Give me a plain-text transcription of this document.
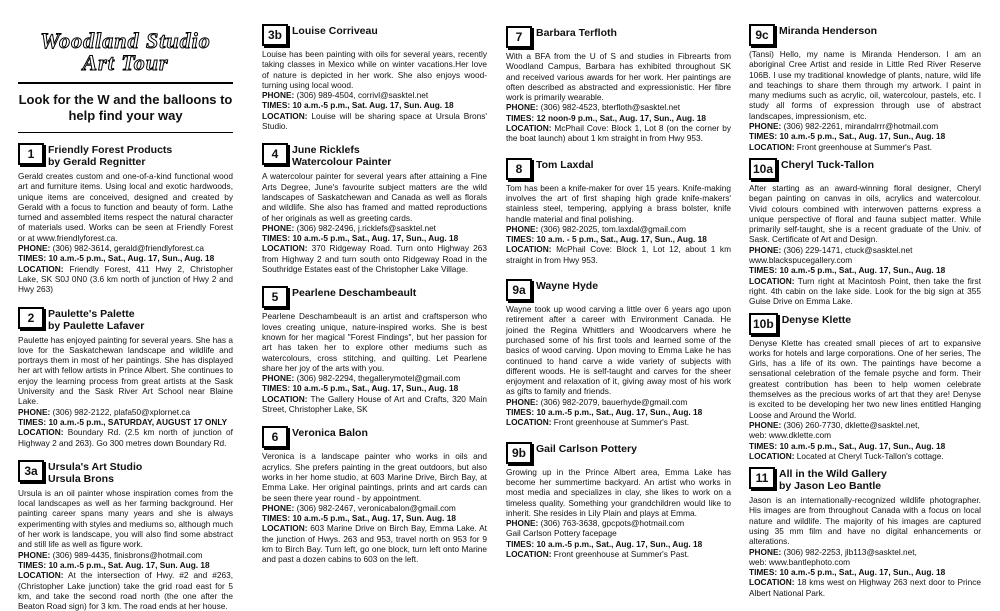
Woodland Studio
Art Tour
Look for the W and the balloons to help find your way
1	Friendly Forest Products
by Gerald Regnitter
Gerald creates custom and one-of-a-kind functional wood art and furniture items. Using local and exotic hardwoods, unique items are conceived, designed and created by Gerald with a focus to function and beauty of form. Lathe turned and assembled items respect the natural character of materials used. Works can be seen at Friendly Forest or at www.friendlyforest.ca.
PHONE: (306) 982-3614, gerald@friendlyforest.ca
TIMES: 10 a.m.-5 p.m., Sat., Aug. 17, Sun., Aug. 18
LOCATION: Friendly Forest, 411 Hwy 2, Christopher Lake, SK S0J 0N0 (3.6 km north of junction of Hwy 2 and Hwy 263)
2	Paulette's Palette
by Paulette Lafaver
Paulette has enjoyed painting for several years. She has a love for the Saskatchewan landscape and wildlife and portrays them in most of her paintings. She has displayed her art with fellow artists in Prince Albert. She continues to enjoy the learning process from great artists at the Sask University and the Sask River Art School near Blaine Lake.
PHONE: (306) 982-2122, plafa50@xplornet.ca
TIMES: 10 a.m.-5 p.m., SATURDAY, AUGUST 17 ONLY
LOCATION: Boundary Rd. (2.5 km north of junction of Highway 2 and 263). Go 300 metres down Boundary Rd.
3a Ursula's Art Studio
Ursula Brons
Ursula is an oil painter whose inspiration comes from the local landscapes as well as her farming background. Her painting career spans many years and she is always experimenting with styles and mediums so, although much of her work is landscape, you will also find some abstract and still life as well as figure work.
PHONE: (306) 989-4435, finisbrons@hotmail.com
TIMES: 10 a.m.-5 p.m., Sat. Aug. 17, Sun. Aug. 18
LOCATION: At the intersection of Hwy. #2 and #263, (Christopher Lake junction) take the grid road east for 5 km, and take the second road north (the one after the Beaton Road sign) for 3 km. The road ends at her house.
3b Louise Corriveau
Louise has been painting with oils for several years, recently taking classes in Mexico while on winter vacations.Her love of nature is depicted in her work. She also enjoys wood-turning using local wood.
PHONE: (306) 989-4504, corrivl@sasktel.net
TIMES: 10 a.m.-5 p.m., Sat. Aug. 17, Sun. Aug. 18
LOCATION: Louise will be sharing space at Ursula Brons' Studio.
4	June Ricklefs
Watercolour Painter
A watercolour painter for several years after attaining a Fine Arts Degree, June's favourite subject matters are the wild landscapes of Saskatchewan and Canada as well as florals and wildlife. She also has framed and matted reproductions of her originals as well as greeting cards.
PHONE: (306) 982-2496, j.ricklefs@sasktel.net
TIMES: 10 a.m.-5 p.m., Sat., Aug. 17, Sun., Aug. 18
LOCATION: 370 Ridgeway Road. Turn onto Highway 263 from Highway 2 and turn south onto Ridgeway Road in the Southridge Estates east of the Christopher Lake Village.
5	Pearlene Deschambeault
Pearlene Deschambeault is an artist and craftsperson who loves creating unique, nature-inspired works. She is best known for her magical "Forest Findings", but her passion for art has taken her to explore other mediums such as watercolours, cross stitching, and quilting. Let Pearlene share her joy of the arts with you.
PHONE: (306) 982-2294, thegallerymotel@gmail.com
TIMES: 10 a.m.-5 p.m., Sat., Aug. 17, Sun., Aug. 18
LOCATION: The Gallery House of Art and Crafts, 320 Main Street, Christopher Lake, SK
6	Veronica Balon
Veronica is a landscape painter who works in oils and acrylics. She prefers painting in the great outdoors, but also works in her home studio, at 603 Marine Drive, Birch Bay, at Emma Lake. Her original paintings, prints and art cards can be seen there year round - by appointment.
PHONE: (306) 982-2467, veronicabalon@gmail.com
TIMES: 10 a.m.-5 p.m., Sat., Aug. 17, Sun. Aug. 18
LOCATION: 603 Marine Drive on Birch Bay, Emma Lake. At the junction of Hwys. 263 and 953, travel north on 953 for 9 km to Birch Bay. Turn left, go one block, turn left onto Marine and past a dozen cabins to 603 on the left.
7	Barbara Terfloth
With a BFA from the U of S and studies in Fibrearts from Woodland Campus, Barbara has exhibited throughout SK and received various awards for her work. Her paintings are often described as abstracted and expressionistic. Her fibre work is primarily wearable.
PHONE: (306) 982-4523, bterfloth@sasktel.net
TIMES: 12 noon-9 p.m., Sat., Aug. 17, Sun., Aug. 18
LOCATION: McPhail Cove: Block 1, Lot 8 (on the corner by the boat launch) about 1 km straight in from Hwy 953.
8	Tom Laxdal
Tom has been a knife-maker for over 15 years. Knife-making involves the art of first shaping high grade knife-makers' stainless steel, tempering, applying a brass bolster, knife handle material and final polishing.
PHONE: (306) 982-2025, tom.laxdal@gmail.com
TIMES: 10 a.m. - 5 p.m., Sat., Aug. 17, Sun., Aug. 18
LOCATION: McPhail Cove: Block 1, Lot 12, about 1 km straight in from Hwy 953.
9a Wayne Hyde
Wayne took up wood carving a little over 6 years ago upon retirement after a career with Environment Canada. He joined the Regina Whittlers and Woodcarvers where he purchased some of his first tools and learned some of the basics of wood carving. Upon moving to Emma Lake he has continued to hand carve a wide variety of subjects with different woods. He is self-taught and carves for the sheer enjoyment and relaxation of it, giving away most of his work as gifts to family and friends.
PHONE: (306) 982-2079, bauerhyde@gmail.com
TIMES: 10 a.m.-5 p.m., Sat., Aug. 17, Sun., Aug. 18
LOCATION: Front greenhouse at Summer's Past.
9b Gail Carlson Pottery
Growing up in the Prince Albert area, Emma Lake has become her summertime backyard. An artist who works in most media and specializes in clay, she likes to work on a timeless quality. Something your grandchildren would like to inherit. She resides in Lily Plain and plays at Emma.
PHONE: (306) 763-3638, gpcpots@hotmail.com
Gail Carlson Pottery facepage
TIMES: 10 a.m.-5 p.m., Sat., Aug. 17, Sun., Aug. 18
LOCATION: Front greenhouse at Summer's Past.
9c Miranda Henderson
(Tansi) Hello, my name is Miranda Henderson. I am an aboriginal Cree Artist and reside in Little Red River Reserve 106B. I use my traditional knowledge of plants, nature, wild life and teachings to share them through my artwork. I paint in many mediums such as acrylic, oil, watercolour, pastels, etc. I study all forms of expression through use of abstract landscapes, impressionism, etc.
PHONE: (306) 982-2261, mirandalrrr@hotmail.com
TIMES: 10 a.m.-5 p.m., Sat., Aug. 17, Sun., Aug. 18
LOCATION: Front greenhouse at Summer's Past.
10a Cheryl Tuck-Tallon
After starting as an award-winning floral designer, Cheryl began painting on canvas in oils, acrylics and watercolour. Vivid colours combined with interwoven patterns express a unique perspective of floral and fauna subject matter. While primarily self-taught, she is a recent graduate of the Univ. of Sask. Certificate of Art and Design.
PHONE: (306) 229-1471, ctuck@sasktel.net
www.blackspucegallery.com
TIMES: 10 a.m.-5 p.m., Sat., Aug. 17, Sun., Aug. 18
LOCATION: Turn right at Macintosh Point, then take the first right. 4th cabin on the lake side. Look for the big sign at 355 Guise Drive on Emma Lake.
10b Denyse Klette
Denyse Klette has created small pieces of art to expansive works for hotels and large corporations. One of her series, The Girls, has a life of its own. The paintings have become a sensational celebration of the female psyche and form. Their greatest contribution has been to help women celebrate themselves as the precious works of art that they are! Denyse is excited to be developing her two new lines entitled Hanging Loose and Around the World.
PHONE: (306) 260-7730, dklette@sasktel.net,
web: www.dklette.com
TIMES: 10 a.m.-5 p.m., Sat., Aug. 17, Sun., Aug. 18
LOCATION: Located at Cheryl Tuck-Tallon's cottage.
11	All in the Wild Gallery
by Jason Leo Bantle
Jason is an internationally-recognized wildlife photographer. His images are from throughout Canada with a focus on local nature and wildlife. The majority of his images are captured using 35 mm film and have no digital enhancements or alterations.
PHONE: (306) 982-2253, jlb113@sasktel.net,
web: www.bantlephoto.com
TIMES: 10 a.m.-5 p.m., Sat., Aug. 17, Sun., Aug. 18
LOCATION: 18 kms west on Highway 263 next door to Prince Albert National Park.
